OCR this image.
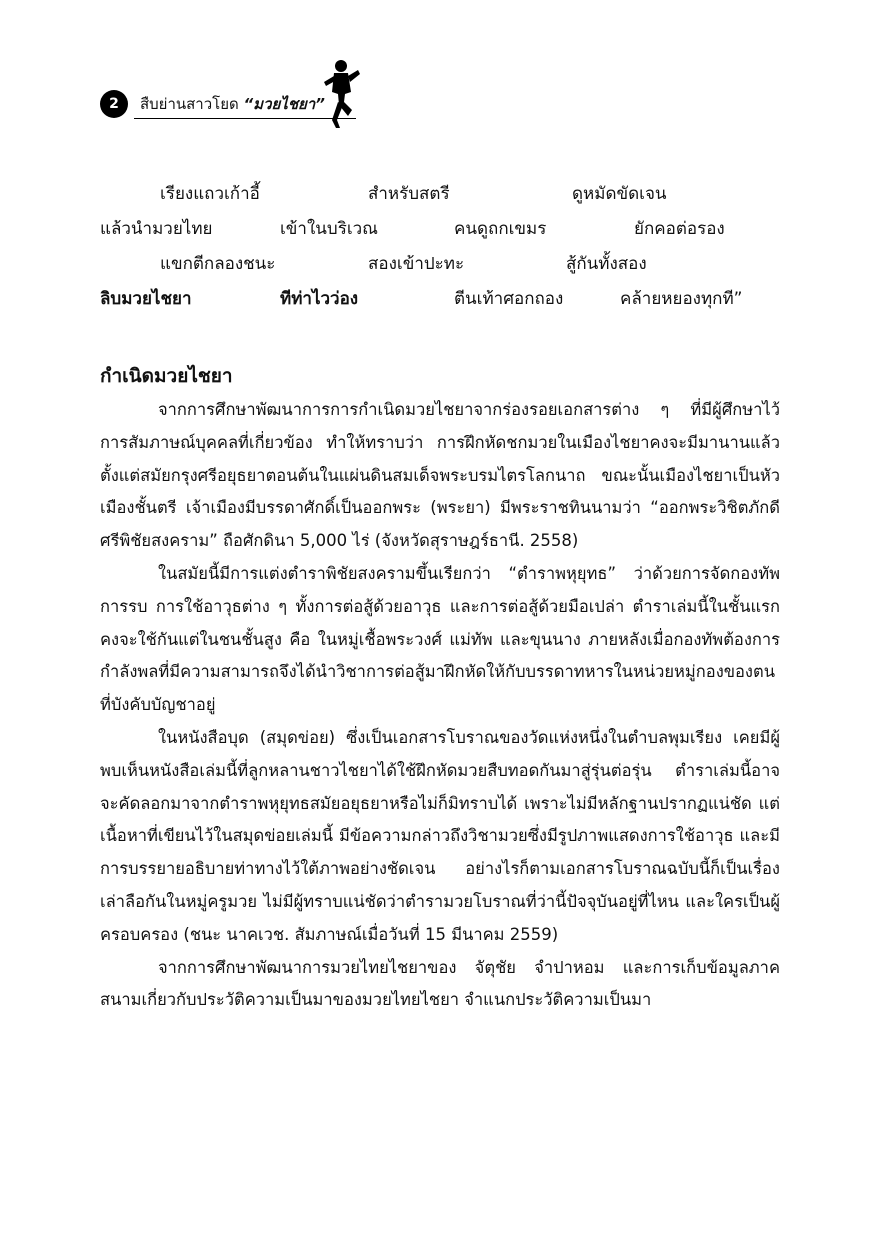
2	สืบย่านสาวโยด “มวยไชยา”
เรียงแถวเก้าอี้	สำหรับสตรี	ดูหมัดขัดเจน
แล้วนำมวยไทย	เข้าในบริเวณ	คนดูถกเขมร	ยักคอต่อรอง
แขกตีกลองชนะ	สองเข้าปะทะ	สู้กันทั้งสอง
ลิบมวยไชยา	ทีท่าไวว่อง	ตีนเท้าศอกถอง	คล้ายหยองทุกที”
กำเนิดมวยไชยา

จากการศึกษาพัฒนาการการกำเนิดมวยไชยาจากร่องรอยเอกสารต่าง ๆ ที่มีผู้ศึกษาไว้ การสัมภาษณ์บุคคลที่เกี่ยวข้อง ทำให้ทราบว่า การฝึกหัดชกมวยในเมืองไชยาคงจะมีมานานแล้ว ตั้งแต่สมัยกรุงศรีอยุธยาตอนต้นในแผ่นดินสมเด็จพระบรมไตรโลกนาถ ขณะนั้นเมืองไชยาเป็นหัวเมืองชั้นตรี เจ้าเมืองมีบรรดาศักดิ์เป็นออกพระ (พระยา) มีพระราชทินนามว่า “ออกพระวิชิตภักดีศรีพิชัยสงคราม” ถือศักดินา 5,000 ไร่ (จังหวัดสุราษฎร์ธานี. 2558)

ในสมัยนี้มีการแต่งตำราพิชัยสงครามขึ้นเรียกว่า “ตำราพหุยุทธ” ว่าด้วยการจัดกองทัพ การรบ การใช้อาวุธต่าง ๆ ทั้งการต่อสู้ด้วยอาวุธ และการต่อสู้ด้วยมือเปล่า ตำราเล่มนี้ในชั้นแรกคงจะใช้กันแต่ในชนชั้นสูง คือ ในหมู่เชื้อพระวงศ์ แม่ทัพ และขุนนาง ภายหลังเมื่อกองทัพต้องการกำลังพลที่มีความสามารถจึงได้นำวิชาการต่อสู้มาฝึกหัดให้กับบรรดาทหารในหน่วยหมู่กองของตนที่บังคับบัญชาอยู่

ในหนังสือบุด (สมุดข่อย) ซึ่งเป็นเอกสารโบราณของวัดแห่งหนึ่งในตำบลพุมเรียง เคยมีผู้พบเห็นหนังสือเล่มนี้ที่ลูกหลานชาวไชยาได้ใช้ฝึกหัดมวยสืบทอดกันมาสู่รุ่นต่อรุ่น ตำราเล่มนี้อาจจะคัดลอกมาจากตำราพหุยุทธสมัยอยุธยาหรือไม่ก็มิทราบได้ เพราะไม่มีหลักฐานปรากฏแน่ชัด แต่เนื้อหาที่เขียนไว้ในสมุดข่อยเล่มนี้ มีข้อความกล่าวถึงวิชามวยซึ่งมีรูปภาพแสดงการใช้อาวุธ และมีการบรรยายอธิบายท่าทางไว้ใต้ภาพอย่างชัดเจน อย่างไรก็ตามเอกสารโบราณฉบับนี้ก็เป็นเรื่องเล่าลือกันในหมู่ครูมวย ไม่มีผู้ทราบแน่ชัดว่าตำรามวยโบราณที่ว่านี้ปัจจุบันอยู่ที่ไหน และใครเป็นผู้ครอบครอง (ชนะ นาคเวช. สัมภาษณ์เมื่อวันที่ 15 มีนาคม 2559)

จากการศึกษาพัฒนาการมวยไทยไชยาของ จัตุชัย จำปาหอม และการเก็บข้อมูลภาคสนามเกี่ยวกับประวัติความเป็นมาของมวยไทยไชยา จำแนกประวัติความเป็นมา
